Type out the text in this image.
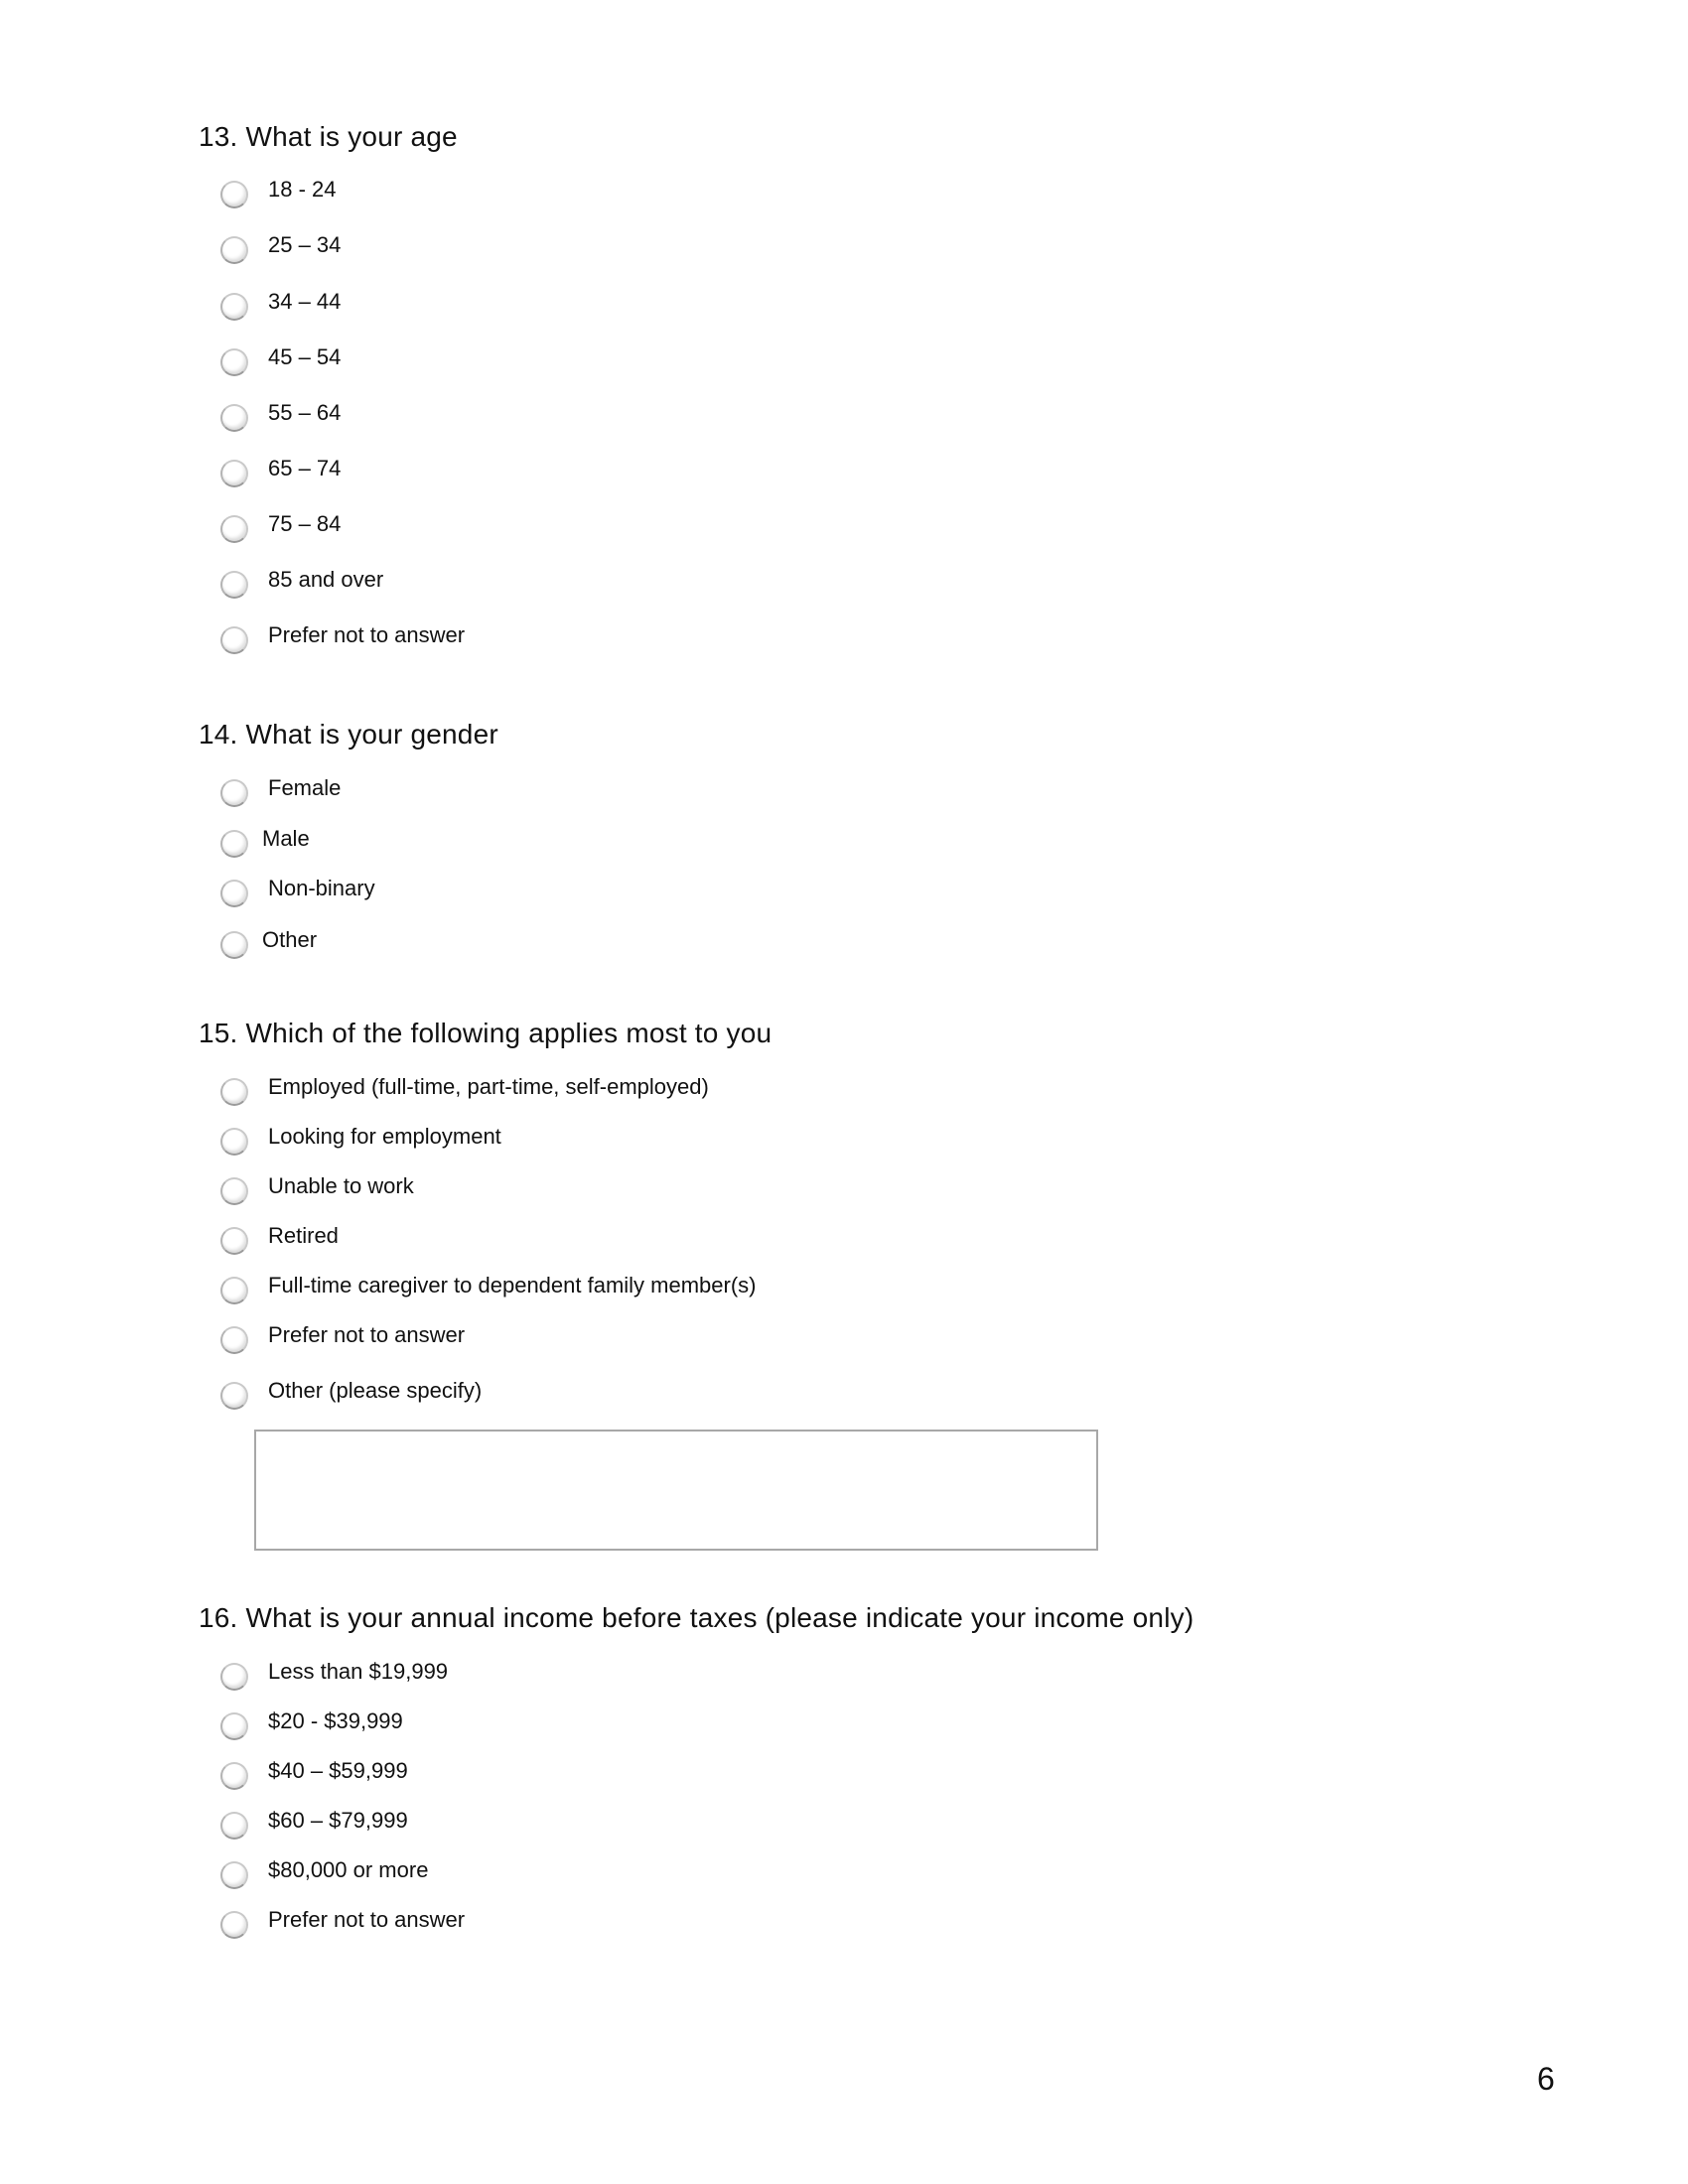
13. What is your age
18 - 24
25 – 34
34 – 44
45 – 54
55 – 64
65 – 74
75 – 84
85 and over
Prefer not to answer
14. What is your gender
Female
Male
Non-binary
Other
15. Which of the following applies most to you
Employed (full-time, part-time, self-employed)
Looking for employment
Unable to work
Retired
Full-time caregiver to dependent family member(s)
Prefer not to answer
Other (please specify)
16. What is your annual income before taxes (please indicate your income only)
Less than $19,999
$20 - $39,999
$40 – $59,999
$60 – $79,999
$80,000 or more
Prefer not to answer
6
